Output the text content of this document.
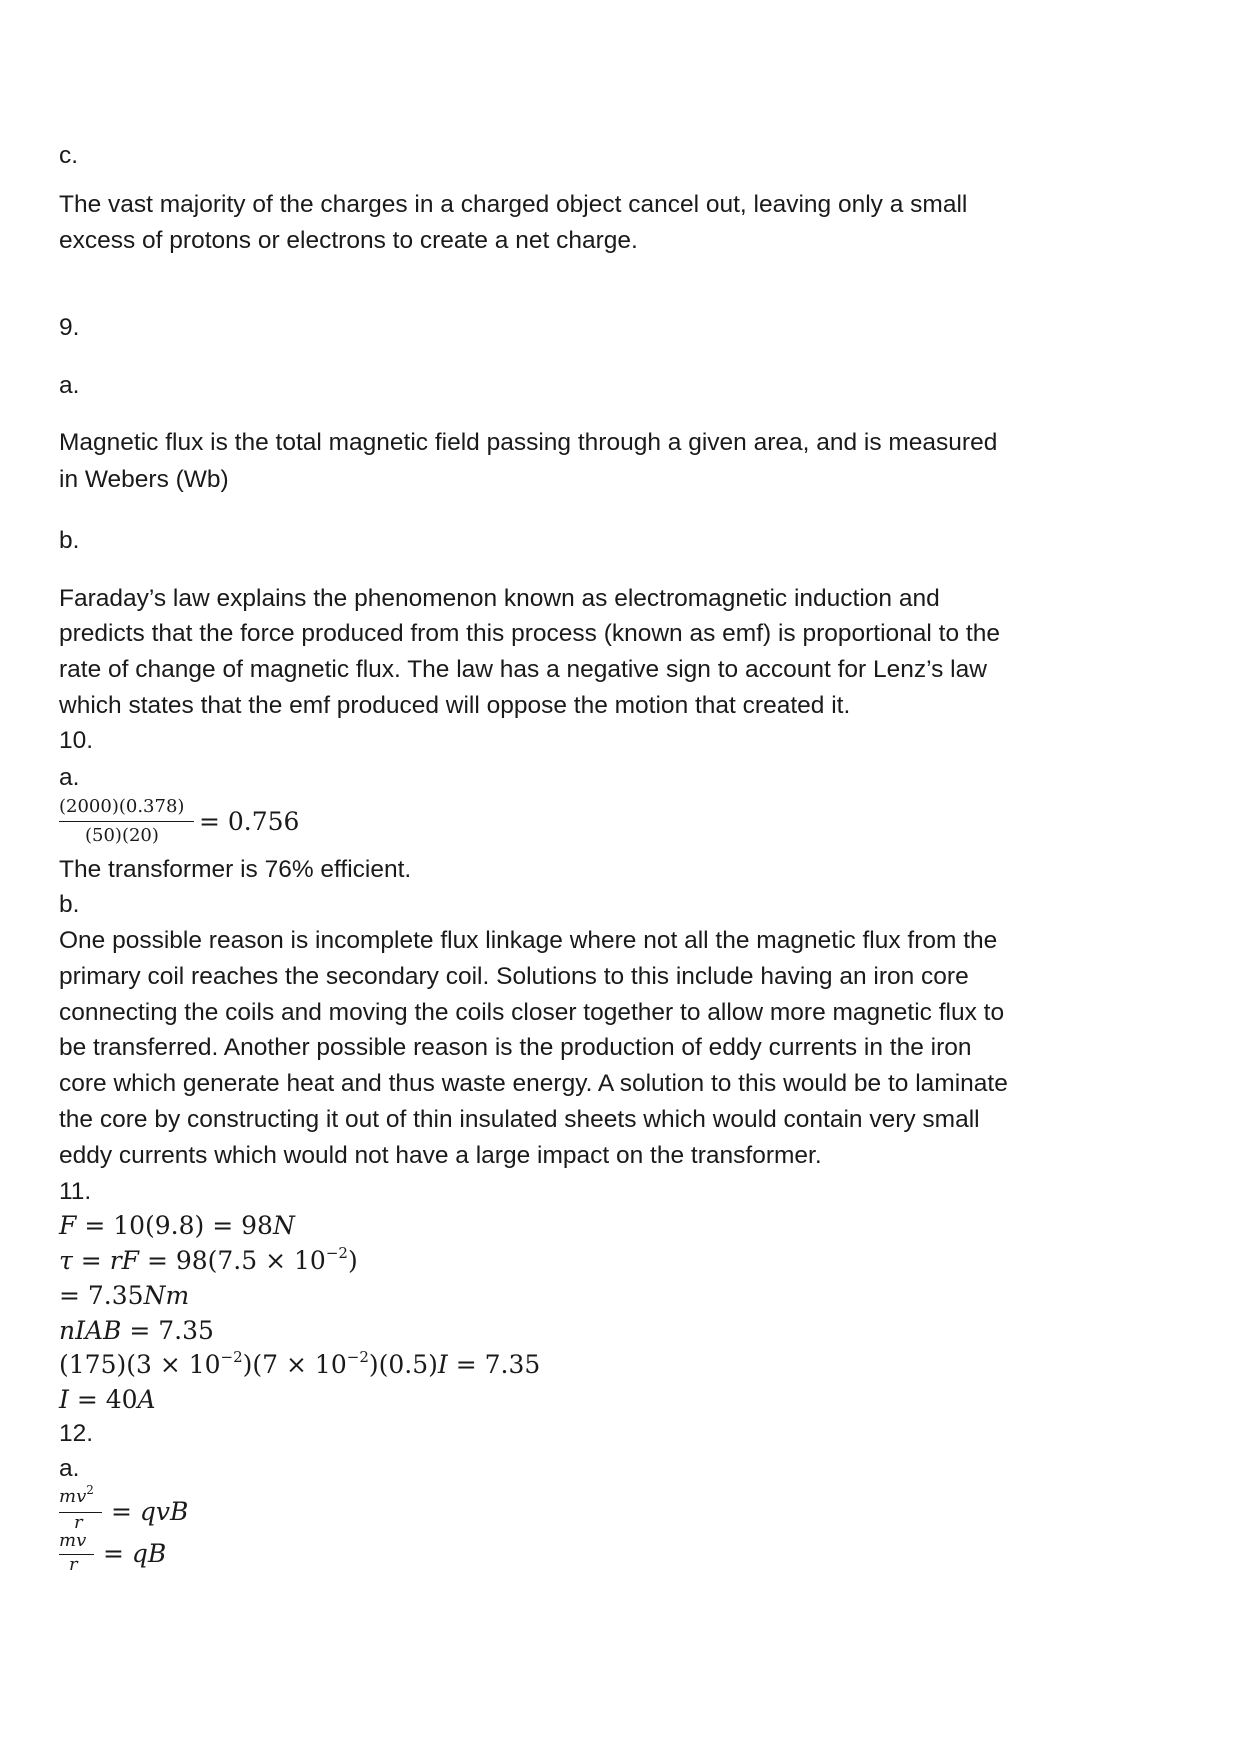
c.
The vast majority of the charges in a charged object cancel out, leaving only a small
excess of protons or electrons to create a net charge.
9.
a.
Magnetic flux is the total magnetic field passing through a given area, and is measured
in Webers (Wb)
b.
Faraday’s law explains the phenomenon known as electromagnetic induction and
predicts that the force produced from this process (known as emf) is proportional to the
rate of change of magnetic flux. The law has a negative sign to account for Lenz’s law
which states that the emf produced will oppose the motion that created it.
10.
a.
(2000)(0.378)
(50)(20) = 0.756
The transformer is 76% efficient.
b.
One possible reason is incomplete flux linkage where not all the magnetic flux from the
primary coil reaches the secondary coil. Solutions to this include having an iron core
connecting the coils and moving the coils closer together to allow more magnetic flux to
be transferred. Another possible reason is the production of eddy currents in the iron
core which generate heat and thus waste energy. A solution to this would be to laminate
the core by constructing it out of thin insulated sheets which would contain very small
eddy currents which would not have a large impact on the transformer.
11.
F = 10(9.8) = 98N
τ = rF = $98(7.5 \times 10^{-2})$
= 7.35Nm
nIAB = 7.35
$(175)(3 \times 10^{-2})(7 \times 10^{-2})(0.5)I = 7.35$
I = 40A
12.
a.
$mv^2$
r = qvB
mv
r = qB
